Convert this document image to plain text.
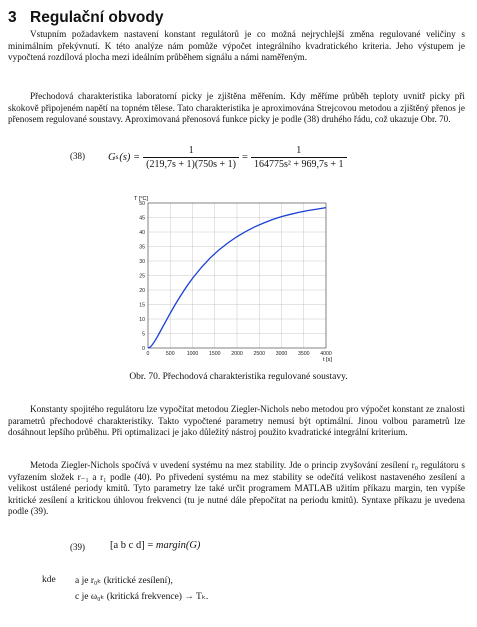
3 Regulační obvody

Vstupním požadavkem nastavení konstant regulátorů je co možná nejrychlejší změna regulované veličiny s minimálním překývnutí. K této analýze nám pomůže výpočet integrálního kvadratického kriteria. Jeho výstupem je vypočtená rozdílová plocha mezi ideálním průběhem signálu a námi naměřeným.

Přechodová charakteristika laboratorní picky je zjištěna měřením. Kdy měříme průběh teploty uvnitř picky při skokově připojeném napětí na topném tělese. Tato charakteristika je aproximována Strejcovou metodou a zjištěný přenos je přenosem regulované soustavy. Aproximovaná přenosová funkce picky je podle (38) druhého řádu, což ukazuje Obr. 70.

(38) G s $(s) = \frac{1}{(219,7s + 1)(750s + 1)} = \frac{1}{\text{164775s² + 969,7s + 1}}$
0
5
10
15
20
25
30
35
40
45
50
0	500 1000 1500 2000 2500 3000 3500 4000
T [°C]
t [s]
Obr. 70. Přechodová charakteristika regulované soustavy.

Konstanty spojitého regulátoru lze vypočítat metodou Ziegler-Nichols nebo metodou pro výpočet konstant ze znalosti parametrů přechodové charakteristiky. Takto vypočtené parametry nemusí být optimální. Jinou volbou parametrů lze dosáhnout lepšího průběhu. Při optimalizaci je jako důležitý nástroj použito kvadratické integrální kriterium.

Metoda Ziegler-Nichols spočívá v uvedení systému na mez stability. Jde o princip zvyšování zesílení r₀ regulátoru s vyřazením složek r₋₁ a r₁ podle (40). Po přivedení systému na mez stability se odečítá velikost nastaveného zesílení a velikost ustálené periody kmitů. Tyto parametry lze také určit programem MATLAB užitím příkazu margin, ten vypíše kritické zesílení a kritickou úhlovou frekvenci (tu je nutné dále přepočítat na periodu kmitů). Syntaxe příkazu je uvedena podle (39).

(39) [a b c d] = margin(G)
kde a je r₀ₖ (kritické zesílení),
c je ω₀ₖ (kritická frekvence) → Tₖ.
